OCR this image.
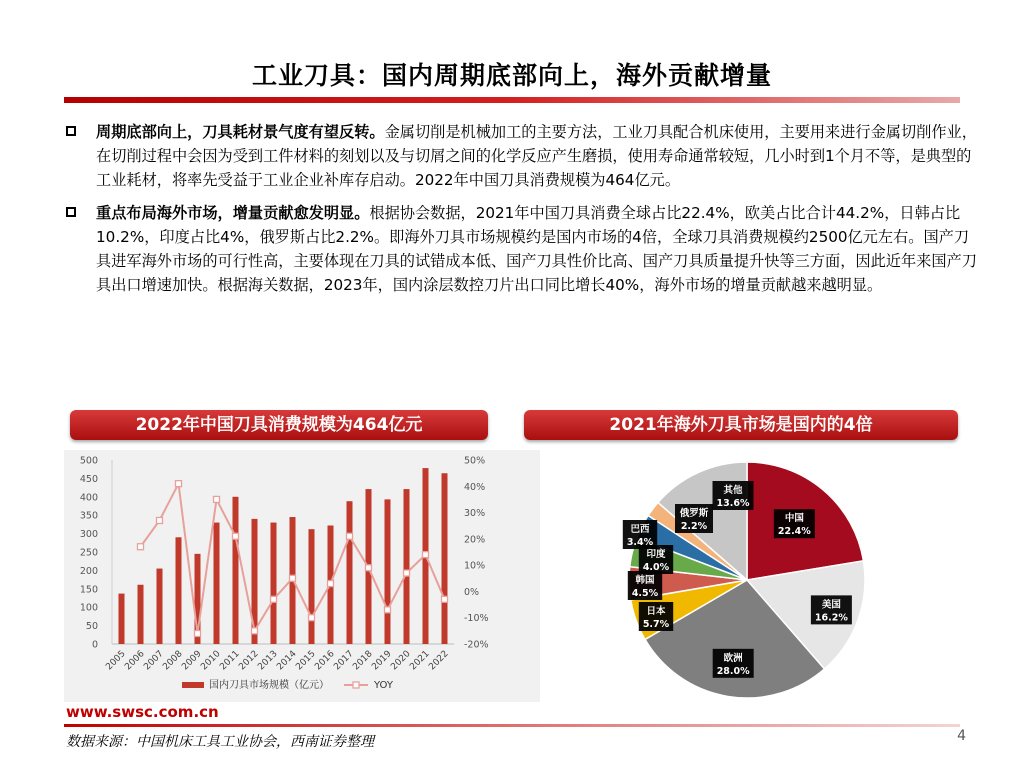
工业刀具：国内周期底部向上，海外贡献增量
周期底部向上，刀具耗材景气度有望反转。金属切削是机械加工的主要方法，工业刀具配合机床使用，主要用来进行金属切削作业，在切削过程中会因为受到工件材料的刻划以及与切屑之间的化学反应产生磨损，使用寿命通常较短，几小时到1个月不等，是典型的工业耗材，将率先受益于工业企业补库存启动。2022年中国刀具消费规模为464亿元。
重点布局海外市场，增量贡献愈发明显。根据协会数据，2021年中国刀具消费全球占比22.4%，欧美占比合计44.2%，日韩占比10.2%，印度占比4%，俄罗斯占比2.2%。即海外刀具市场规模约是国内市场的4倍，全球刀具消费规模约2500亿元左右。国产刀具进军海外市场的可行性高，主要体现在刀具的试错成本低、国产刀具性价比高、国产刀具质量提升快等三方面，因此近年来国产刀具出口增速加快。根据海关数据，2023年，国内涂层数控刀片出口同比增长40%，海外市场的增量贡献越来越明显。
2022年中国刀具消费规模为464亿元	2021年海外刀具市场是国内的4倍
0
50
100
150
200
250
300
350
400
450
500
-20%
-10%
0%
10%
20%
30%
40%
50%
2005
2006
2007
2008
2009
2010
2011
2012
2013
2014
2015
2016
2017
2018
2019
2020
2021
2022
国内刀具市场规模（亿元）	YOY
中国
22.4%
美国
16.2%
欧洲
28.0%
日本
5.7%
韩国
4.5%
印度
4.0%
巴西
3.4%
俄罗斯
2.2%
其他
13.6%
www.swsc.com.cn
数据来源：中国机床工具工业协会，西南证券整理	4
